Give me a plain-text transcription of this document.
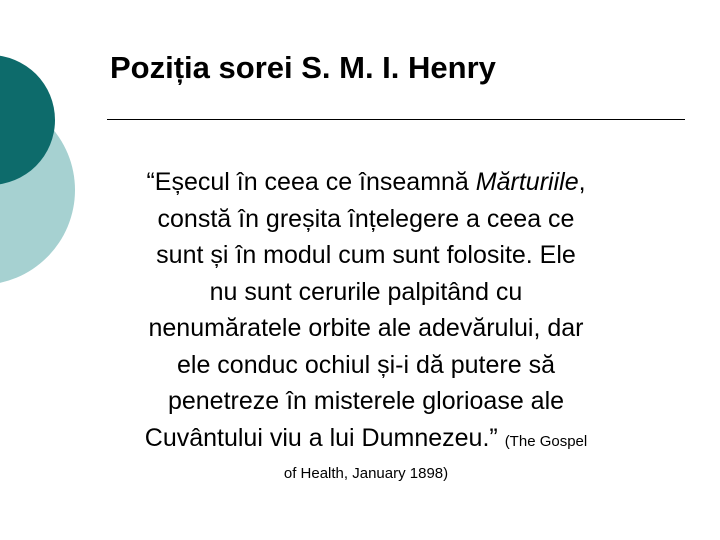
Poziția sorei S. M. I. Henry
“Eșecul în ceea ce înseamnă Mărturiile,
constă în greșita înțelegere a ceea ce
sunt și în modul cum sunt folosite. Ele
nu sunt cerurile palpitând cu
nenumăratele orbite ale adevărului, dar
ele conduc ochiul și-i dă putere să
penetreze în misterele glorioase ale
Cuvântului viu a lui Dumnezeu.” (The Gospel
of Health, January 1898)
